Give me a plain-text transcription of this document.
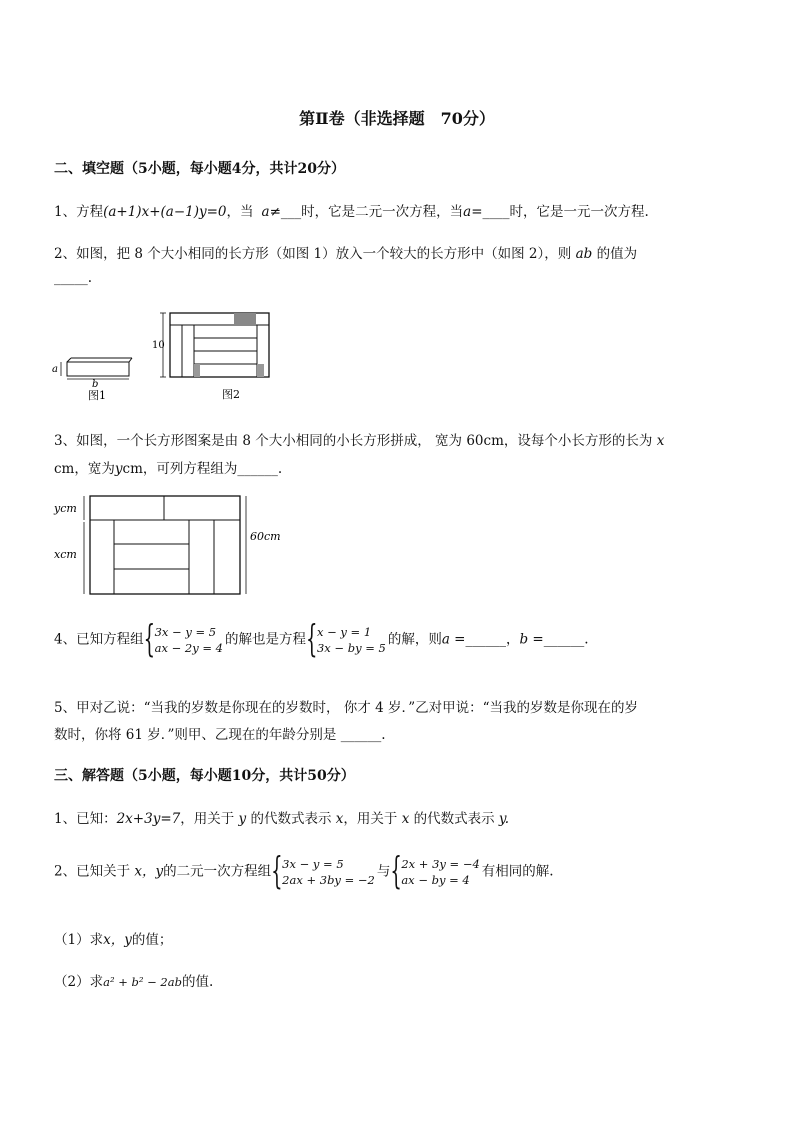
第Ⅱ卷（非选择题　70分）
二、填空题（5小题，每小题4分，共计20分）
1、方程(a+1)x+(a−1)y=0，当 a≠___时，它是二元一次方程，当a=____时，它是一元一次方程.
2、如图，把 8 个大小相同的长方形（如图 1）放入一个较大的长方形中（如图 2），则 ab 的值为
_____.
a
b
图1
10
图2
3、如图，一个长方形图案是由 8 个大小相同的小长方形拼成， 宽为 60cm，设每个小长方形的长为 x
cm，宽为ycm，可列方程组为______.
ycm
xcm
60cm
4、已知方程组 { 3x − y = 5
ax − 2y = 4
的解也是方程 { x − y = 1
3x − by = 5
的解，则a =______，b =______.
5、甲对乙说：“当我的岁数是你现在的岁数时， 你才 4 岁．”乙对甲说：“当我的岁数是你现在的岁
数时，你将 61 岁．”则甲、乙现在的年龄分别是 ______.
三、解答题（5小题，每小题10分，共计50分）
1、已知：2x+3y=7，用关于 y 的代数式表示 x，用关于 x 的代数式表示 y.
2、已知关于 x，y的二元一次方程组 { 3x − y = 5
2ax + 3by = −2
与 { 2x + 3y = −4
ax − by = 4
有相同的解.
（1）求x，y的值；
（2）求a² + b² − 2ab的值.
